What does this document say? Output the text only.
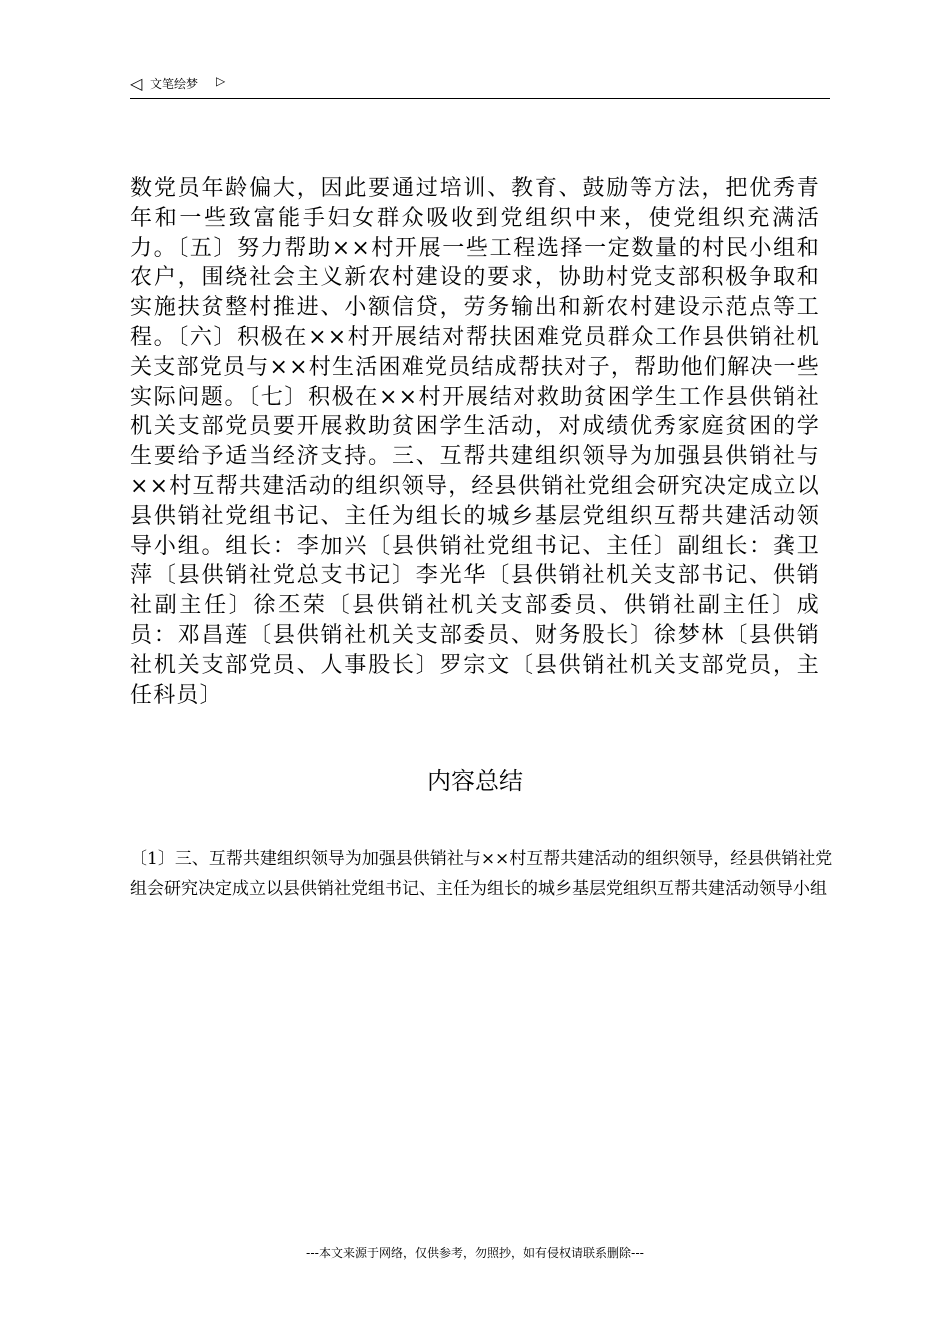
◁ 文笔绘梦 ▷
数党员年龄偏大，因此要通过培训、教育、鼓励等方法，把优秀青年和一些致富能手妇女群众吸收到党组织中来，使党组织充满活力。〔五〕努力帮助××村开展一些工程选择一定数量的村民小组和农户，围绕社会主义新农村建设的要求，协助村党支部积极争取和实施扶贫整村推进、小额信贷，劳务输出和新农村建设示范点等工程。〔六〕积极在××村开展结对帮扶困难党员群众工作县供销社机关支部党员与××村生活困难党员结成帮扶对子，帮助他们解决一些实际问题。〔七〕积极在××村开展结对救助贫困学生工作县供销社机关支部党员要开展救助贫困学生活动，对成绩优秀家庭贫困的学生要给予适当经济支持。三、互帮共建组织领导为加强县供销社与××村互帮共建活动的组织领导，经县供销社党组会研究决定成立以县供销社党组书记、主任为组长的城乡基层党组织互帮共建活动领导小组。组长：李加兴〔县供销社党组书记、主任〕副组长：龚卫萍〔县供销社党总支书记〕李光华〔县供销社机关支部书记、供销社副主任〕徐丕荣〔县供销社机关支部委员、供销社副主任〕成员：邓昌莲〔县供销社机关支部委员、财务股长〕徐梦林〔县供销社机关支部党员、人事股长〕罗宗文〔县供销社机关支部党员，主任科员〕
内容总结
〔1〕三、互帮共建组织领导为加强县供销社与××村互帮共建活动的组织领导，经县供销社党组会研究决定成立以县供销社党组书记、主任为组长的城乡基层党组织互帮共建活动领导小组
---本文来源于网络，仅供参考，勿照抄，如有侵权请联系删除---
